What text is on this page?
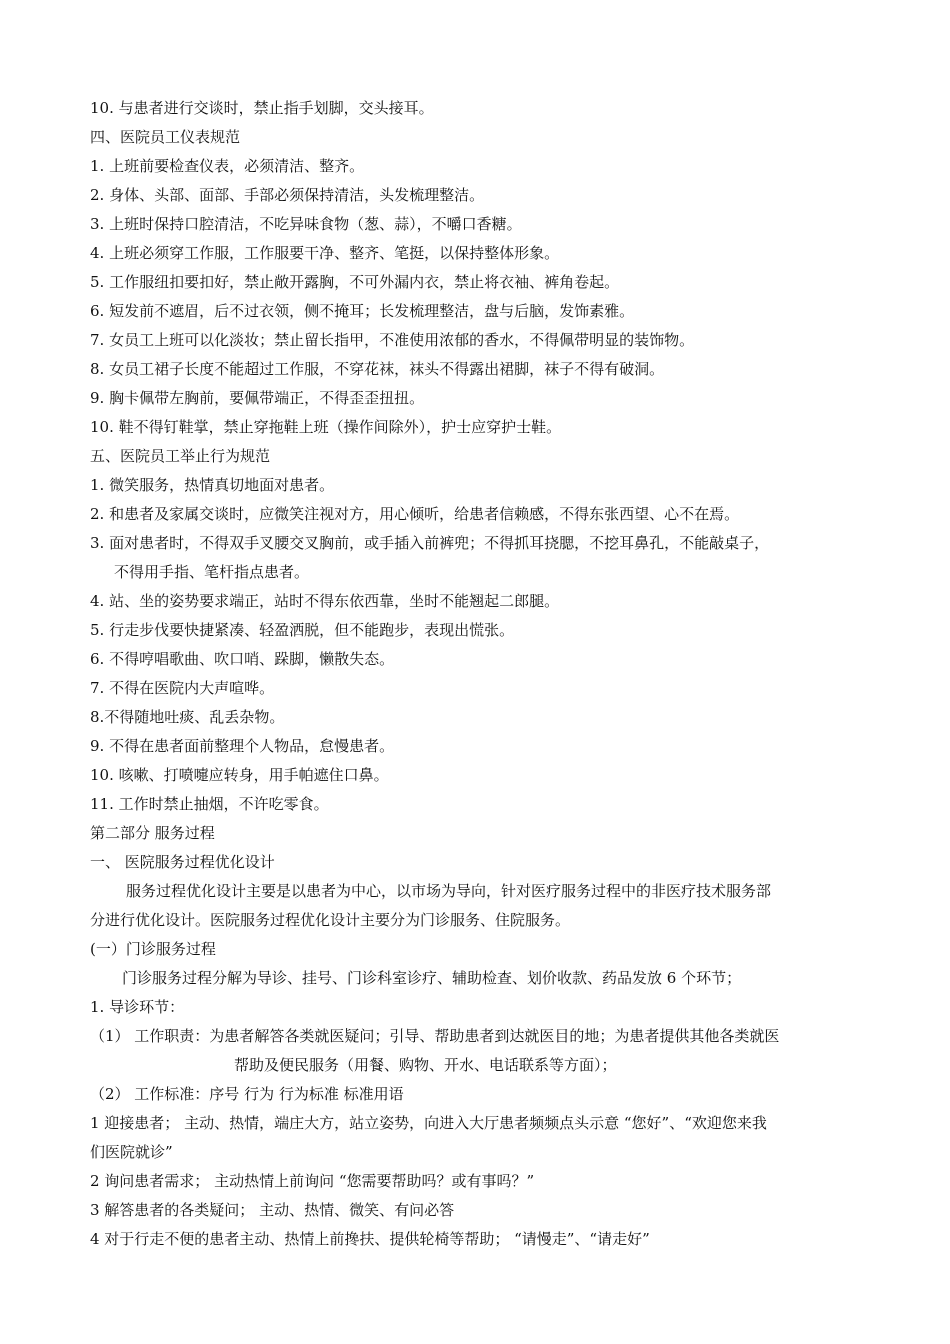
10. 与患者进行交谈时，禁止指手划脚，交头接耳。
四、医院员工仪表规范
1. 上班前要检查仪表，必须清洁、整齐。
2. 身体、头部、面部、手部必须保持清洁，头发梳理整洁。
3. 上班时保持口腔清洁，不吃异味食物（葱、蒜），不嚼口香糖。
4. 上班必须穿工作服，工作服要干净、整齐、笔挺，以保持整体形象。
5. 工作服纽扣要扣好，禁止敞开露胸，不可外漏内衣，禁止将衣袖、裤角卷起。
6. 短发前不遮眉，后不过衣领，侧不掩耳；长发梳理整洁，盘与后脑，发饰素雅。
7. 女员工上班可以化淡妆；禁止留长指甲，不准使用浓郁的香水，不得佩带明显的装饰物。
8. 女员工裙子长度不能超过工作服，不穿花袜，袜头不得露出裙脚，袜子不得有破洞。
9. 胸卡佩带左胸前，要佩带端正，不得歪歪扭扭。
10. 鞋不得钉鞋掌，禁止穿拖鞋上班（操作间除外），护士应穿护士鞋。
五、医院员工举止行为规范
1. 微笑服务，热情真切地面对患者。
2. 和患者及家属交谈时，应微笑注视对方，用心倾听，给患者信赖感，不得东张西望、心不在焉。
3. 面对患者时，不得双手叉腰交叉胸前，或手插入前裤兜；不得抓耳挠腮，不挖耳鼻孔，不能敲桌子，
不得用手指、笔杆指点患者。
4. 站、坐的姿势要求端正，站时不得东依西靠，坐时不能翘起二郎腿。
5. 行走步伐要快捷紧凑、轻盈洒脱，但不能跑步，表现出慌张。
6. 不得哼唱歌曲、吹口哨、跺脚，懒散失态。
7. 不得在医院内大声喧哗。
8.不得随地吐痰、乱丢杂物。
9. 不得在患者面前整理个人物品，怠慢患者。
10. 咳嗽、打喷嚏应转身，用手帕遮住口鼻。
11. 工作时禁止抽烟，不许吃零食。
第二部分 服务过程
一、 医院服务过程优化设计
服务过程优化设计主要是以患者为中心，以市场为导向，针对医疗服务过程中的非医疗技术服务部
分进行优化设计。医院服务过程优化设计主要分为门诊服务、住院服务。
(一）门诊服务过程
门诊服务过程分解为导诊、挂号、门诊科室诊疗、辅助检查、划价收款、药品发放 6 个环节；
1. 导诊环节：
（1） 工作职责：为患者解答各类就医疑问；引导、帮助患者到达就医目的地；为患者提供其他各类就医
帮助及便民服务（用餐、购物、开水、电话联系等方面）；
（2） 工作标准：序号 行为 行为标准 标准用语
1 迎接患者； 主动、热情，端庄大方，站立姿势，向进入大厅患者频频点头示意 “您好”、“欢迎您来我
们医院就诊”
2 询问患者需求； 主动热情上前询问 “您需要帮助吗？或有事吗？”
3 解答患者的各类疑问； 主动、热情、微笑、有问必答
4 对于行走不便的患者主动、热情上前搀扶、提供轮椅等帮助； “请慢走”、“请走好”
